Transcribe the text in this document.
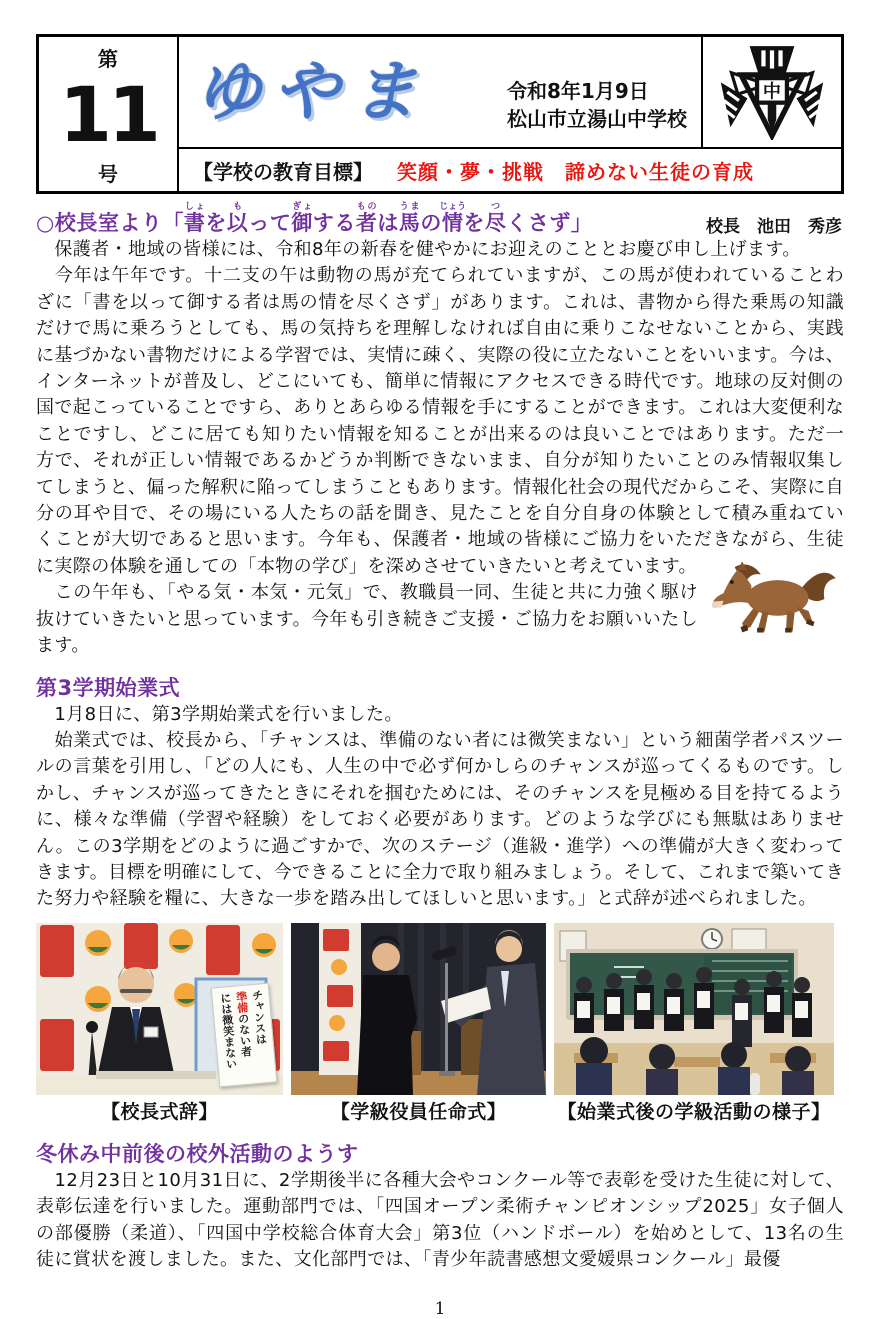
第
11
号
ゆやま	令和8年1月9日
松山市立湯山中学校
中
【学校の教育目標】 笑顔・夢・挑戦　諦めない生徒の育成
○校長室より「書しょを以もって御ぎょする者ものは馬うまの情じょうを尽つくさず」	校長　池田　秀彦

　保護者・地域の皆様には、令和8年の新春を健やかにお迎えのこととお慶び申し上げます。

　今年は午年です。十二支の午は動物の馬が充てられていますが、この馬が使われていることわざに「書を以って御する者は馬の情を尽くさず」があります。これは、書物から得た乗馬の知識だけで馬に乗ろうとしても、馬の気持ちを理解しなければ自由に乗りこなせないことから、実践に基づかない書物だけによる学習では、実情に疎く、実際の役に立たないことをいいます。今は、インターネットが普及し、どこにいても、簡単に情報にアクセスできる時代です。地球の反対側の国で起こっていることですら、ありとあらゆる情報を手にすることができます。これは大変便利なことですし、どこに居ても知りたい情報を知ることが出来るのは良いことではあります。ただ一方で、それが正しい情報であるかどうか判断できないまま、自分が知りたいことのみ情報収集してしまうと、偏った解釈に陥ってしまうこともあります。情報化社会の現代だからこそ、実際に自分の耳や目で、その場にいる人たちの話を聞き、見たことを自分自身の体験として積み重ねていくことが大切であると思います。今年も、保護者・地域の皆様にご協力をいただきながら、生徒に実際の体験を通しての「本物の学び」を深めさせていきたいと考えています。

　この午年も、「やる気・本気・元気」で、教職員一同、生徒と共に力強く駆け抜けていきたいと思っています。今年も引き続きご支援・ご協力をお願いいたします。

第3学期始業式

　1月8日に、第3学期始業式を行いました。

　始業式では、校長から、「チャンスは、準備のない者には微笑まない」という細菌学者パスツールの言葉を引用し、「どの人にも、人生の中で必ず何かしらのチャンスが巡ってくるものです。しかし、チャンスが巡ってきたときにそれを掴むためには、そのチャンスを見極める目を持てるように、様々な準備（学習や経験）をしておく必要があります。どのような学びにも無駄はありません。この3学期をどのように過ごすかで、次のステージ（進級・進学）への準備が大きく変わってきます。目標を明確にして、今できることに全力で取り組みましょう。そして、これまで築いてきた努力や経験を糧に、大きな一歩を踏み出してほしいと思います。」と式辞が述べられました。

チャンスは
準備のない者
には微笑まない
【校長式辞】	【学級役員任命式】	【始業式後の学級活動の様子】
冬休み中前後の校外活動のようす

　12月23日と10月31日に、2学期後半に各種大会やコンクール等で表彰を受けた生徒に対して、表彰伝達を行いました。運動部門では、「四国オープン柔術チャンピオンシップ2025」女子個人の部優勝（柔道）、「四国中学校総合体育大会」第3位（ハンドボール）を始めとして、13名の生徒に賞状を渡しました。また、文化部門では、「青少年読書感想文愛媛県コンクール」最優

1
